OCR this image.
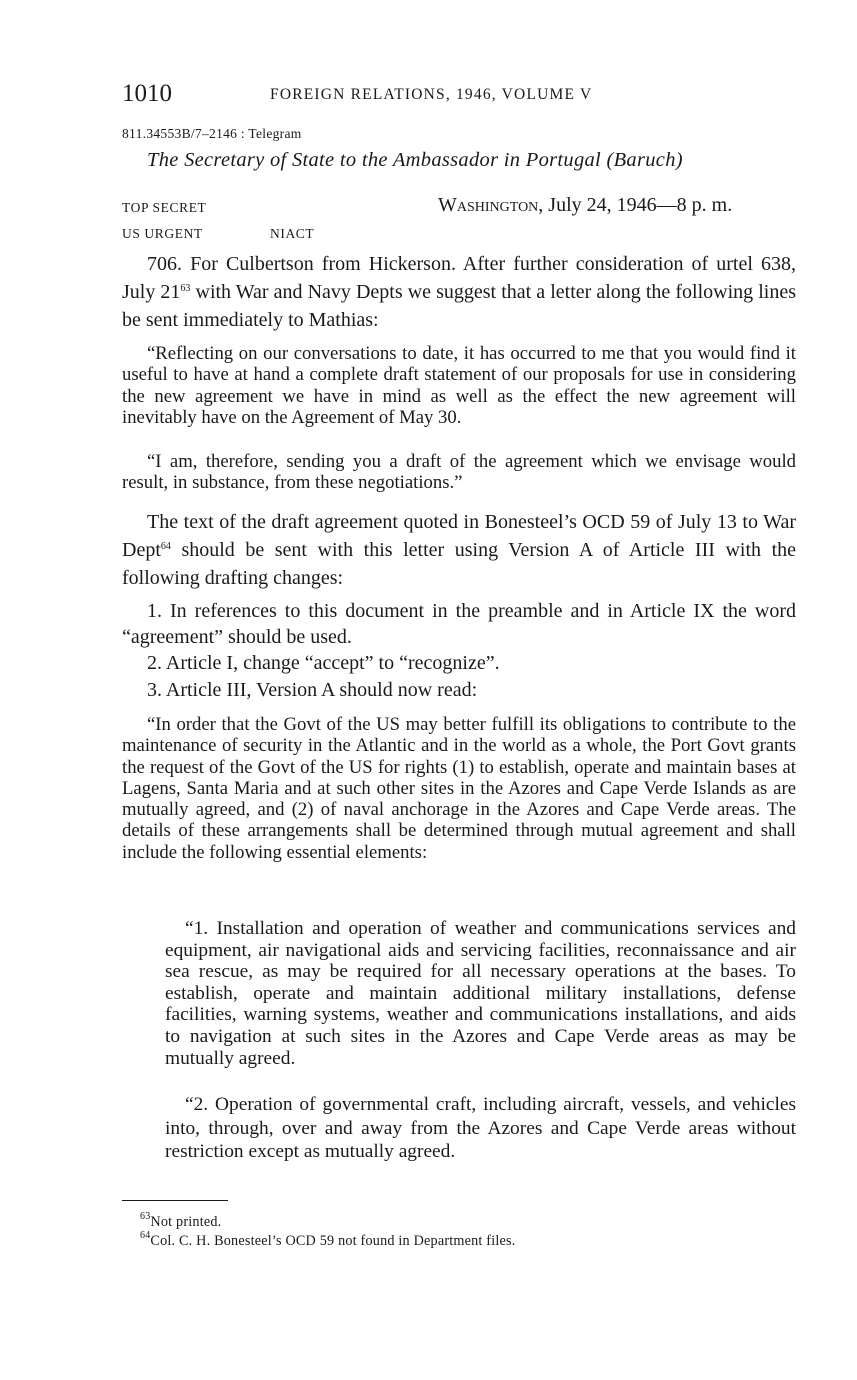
1010	FOREIGN RELATIONS, 1946, VOLUME V
811.34553B/7–2146 : Telegram
The Secretary of State to the Ambassador in Portugal (Baruch)
TOP SECRET
US URGENT	NIACT
Washington, July 24, 1946—8 p. m.

706. For Culbertson from Hickerson. After further consideration of urtel 638, July $21^{63}$ with War and Navy Depts we suggest that a letter along the following lines be sent immediately to Mathias:

“Reflecting on our conversations to date, it has occurred to me that you would find it useful to have at hand a complete draft statement of our proposals for use in considering the new agreement we have in mind as well as the effect the new agreement will inevitably have on the Agreement of May 30.

“I am, therefore, sending you a draft of the agreement which we envisage would result, in substance, from these negotiations.”

The text of the draft agreement quoted in Bonesteel’s OCD 59 of July 13 to War Dept$^{64}$ should be sent with this letter using Version A of Article III with the following drafting changes:

1. In references to this document in the preamble and in Article IX the word “agreement” should be used.

2. Article I, change “accept” to “recognize”.

3. Article III, Version A should now read:

“In order that the Govt of the US may better fulfill its obligations to contribute to the maintenance of security in the Atlantic and in the world as a whole, the Port Govt grants the request of the Govt of the US for rights (1) to establish, operate and maintain bases at Lagens, Santa Maria and at such other sites in the Azores and Cape Verde Islands as are mutually agreed, and (2) of naval anchorage in the Azores and Cape Verde areas. The details of these arrangements shall be determined through mutual agreement and shall include the following essential elements:

“1. Installation and operation of weather and communications services and equipment, air navigational aids and servicing facilities, reconnaissance and air sea rescue, as may be required for all necessary operations at the bases. To establish, operate and maintain additional military installations, defense facilities, warning systems, weather and communications installations, and aids to navigation at such sites in the Azores and Cape Verde areas as may be mutually agreed.
“2. Operation of governmental craft, including aircraft, vessels, and vehicles into, through, over and away from the Azores and Cape Verde areas without restriction except as mutually agreed.
$^{63}$Not printed.
$^{64}$Col. C. H. Bonesteel’s OCD 59 not found in Department files.
